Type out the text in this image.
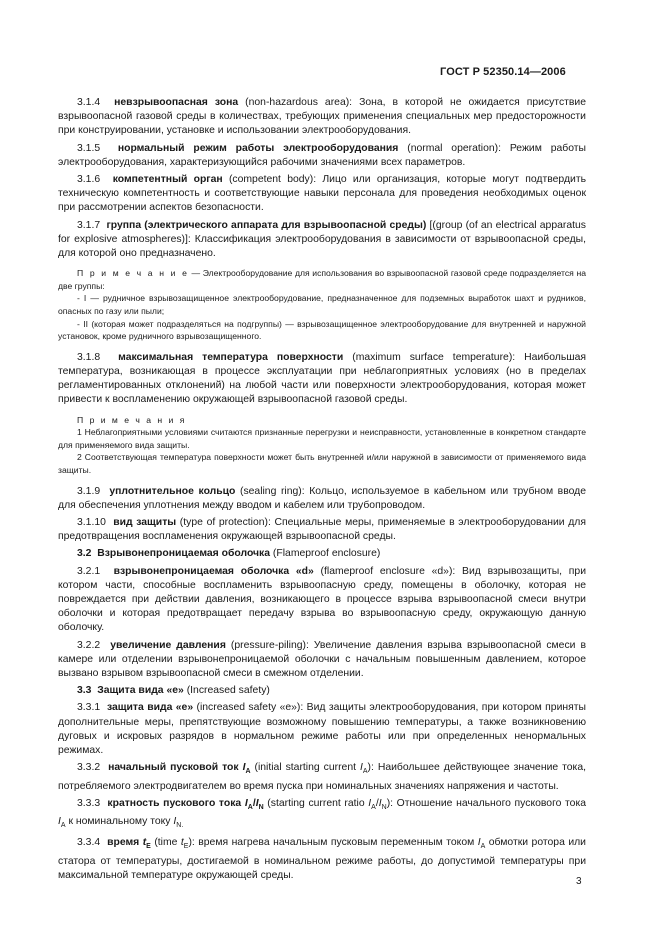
ГОСТ Р 52350.14—2006

3.1.4 невзрывоопасная зона (non-hazardous area): Зона, в которой не ожидается присутствие взрывоопасной газовой среды в количествах, требующих применения специальных мер предосторожности при конструировании, установке и использовании электрооборудования.

3.1.5 нормальный режим работы электрооборудования (normal operation): Режим работы электрооборудования, характеризующийся рабочими значениями всех параметров.

3.1.6 компетентный орган (competent body): Лицо или организация, которые могут подтвердить техническую компетентность и соответствующие навыки персонала для проведения необходимых оценок при рассмотрении аспектов безопасности.

3.1.7 группа (электрического аппарата для взрывоопасной среды) [(group (of an electrical apparatus for explosive atmospheres)]: Классификация электрооборудования в зависимости от взрывоопасной среды, для которой оно предназначено.

П р и м е ч а н и е — Электрооборудование для использования во взрывоопасной газовой среде подразделяется на две группы:

- I — рудничное взрывозащищенное электрооборудование, предназначенное для подземных выработок шахт и рудников, опасных по газу или пыли;

- II (которая может подразделяться на подгруппы) — взрывозащищенное электрооборудование для внутренней и наружной установок, кроме рудничного взрывозащищенного.

3.1.8 максимальная температура поверхности (maximum surface temperature): Наибольшая температура, возникающая в процессе эксплуатации при неблагоприятных условиях (но в пределах регламентированных отклонений) на любой части или поверхности электрооборудования, которая может привести к воспламенению окружающей взрывоопасной газовой среды.

П р и м е ч а н и я

1 Неблагоприятными условиями считаются признанные перегрузки и неисправности, установленные в конкретном стандарте для применяемого вида защиты.

2 Соответствующая температура поверхности может быть внутренней и/или наружной в зависимости от применяемого вида защиты.

3.1.9 уплотнительное кольцо (sealing ring): Кольцо, используемое в кабельном или трубном вводе для обеспечения уплотнения между вводом и кабелем или трубопроводом.

3.1.10 вид защиты (type of protection): Специальные меры, применяемые в электрооборудовании для предотвращения воспламенения окружающей взрывоопасной среды.

3.2 Взрывонепроницаемая оболочка (Flameproof enclosure)

3.2.1 взрывонепроницаемая оболочка «d» (flameproof enclosure «d»): Вид взрывозащиты, при котором части, способные воспламенить взрывоопасную среду, помещены в оболочку, которая не повреждается при действии давления, возникающего в процессе взрыва взрывоопасной смеси внутри оболочки и которая предотвращает передачу взрыва во взрывоопасную среду, окружающую данную оболочку.

3.2.2 увеличение давления (pressure-piling): Увеличение давления взрыва взрывоопасной смеси в камере или отделении взрывонепроницаемой оболочки с начальным повышенным давлением, которое вызвано взрывом взрывоопасной смеси в смежном отделении.

3.3 Защита вида «e» (Increased safety)

3.3.1 защита вида «e» (increased safety «e»): Вид защиты электрооборудования, при котором приняты дополнительные меры, препятствующие возможному повышению температуры, а также возникновению дуговых и искровых разрядов в нормальном режиме работы или при определенных ненормальных режимах.

3.3.2 начальный пусковой ток $I_A$ (initial starting current $I_A$): Наибольшее действующее значение тока, потребляемого электродвигателем во время пуска при номинальных значениях напряжения и частоты.

3.3.3 кратность пускового тока $I_A/I_N$ (starting current ratio $I_A/I_N$): Отношение начального пускового тока $I_A$ к номинальному току $I_{N.}$

3.3.4 время $t_E$ (time $t_E$): время нагрева начальным пусковым переменным током $I_A$ обмотки ротора или статора от температуры, достигаемой в номинальном режиме работы, до допустимой температуры при максимальной температуре окружающей среды.

3
